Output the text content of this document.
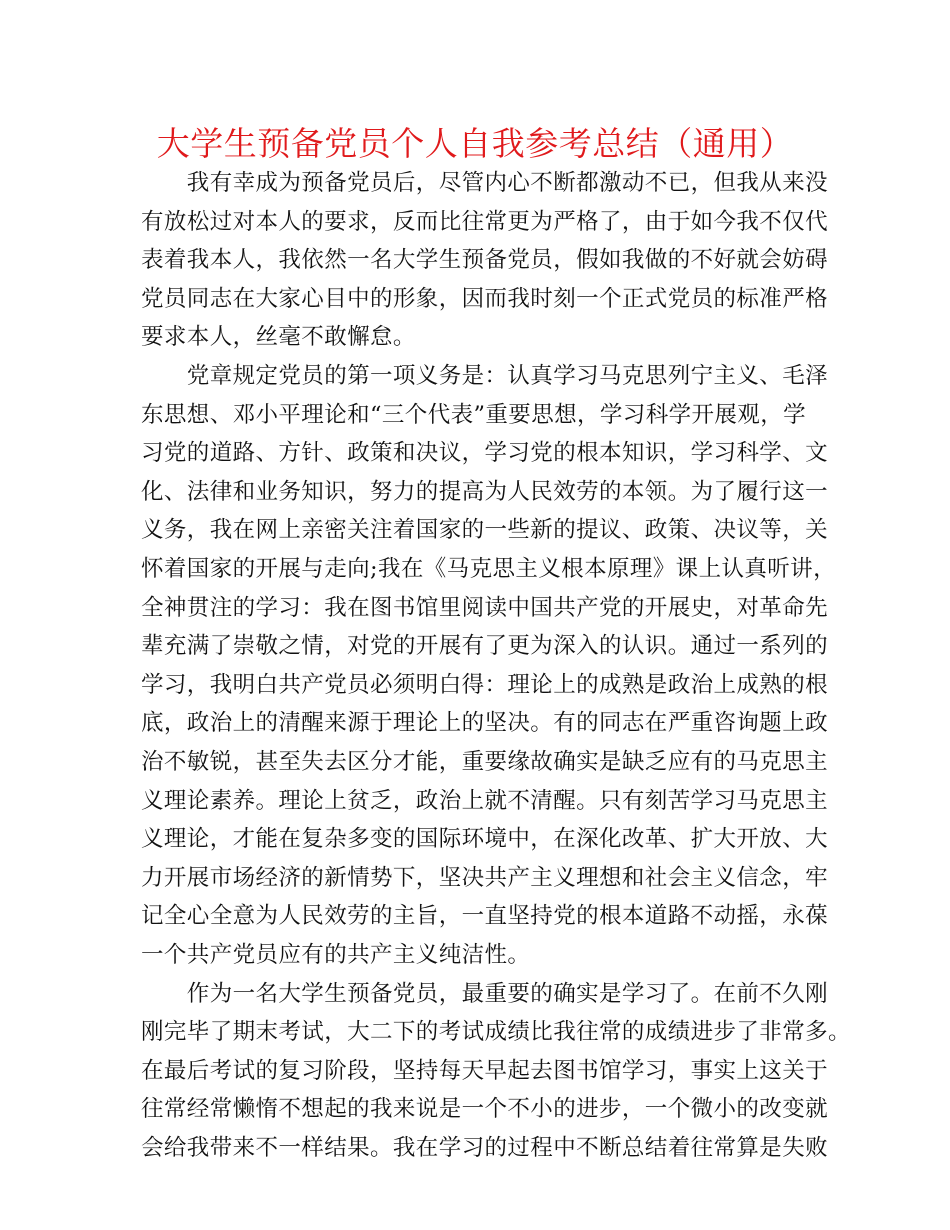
大学生预备党员个人自我参考总结（通用）
　　我有幸成为预备党员后，尽管内心不断都激动不已，但我从来没
有放松过对本人的要求，反而比往常更为严格了，由于如今我不仅代
表着我本人，我依然一名大学生预备党员，假如我做的不好就会妨碍
党员同志在大家心目中的形象，因而我时刻一个正式党员的标准严格
要求本人，丝毫不敢懈怠。
　　党章规定党员的第一项义务是：认真学习马克思列宁主义、毛泽
东思想、邓小平理论和“三个代表”重要思想，学习科学开展观，学
习党的道路、方针、政策和决议，学习党的根本知识，学习科学、文
化、法律和业务知识，努力的提高为人民效劳的本领。为了履行这一
义务，我在网上亲密关注着国家的一些新的提议、政策、决议等，关
怀着国家的开展与走向;我在《马克思主义根本原理》课上认真听讲，
全神贯注的学习：我在图书馆里阅读中国共产党的开展史，对革命先
辈充满了崇敬之情，对党的开展有了更为深入的认识。通过一系列的
学习，我明白共产党员必须明白得：理论上的成熟是政治上成熟的根
底，政治上的清醒来源于理论上的坚决。有的同志在严重咨询题上政
治不敏锐，甚至失去区分才能，重要缘故确实是缺乏应有的马克思主
义理论素养。理论上贫乏，政治上就不清醒。只有刻苦学习马克思主
义理论，才能在复杂多变的国际环境中，在深化改革、扩大开放、大
力开展市场经济的新情势下，坚决共产主义理想和社会主义信念，牢
记全心全意为人民效劳的主旨，一直坚持党的根本道路不动摇，永葆
一个共产党员应有的共产主义纯洁性。
　　作为一名大学生预备党员，最重要的确实是学习了。在前不久刚
刚完毕了期末考试，大二下的考试成绩比我往常的成绩进步了非常多。
在最后考试的复习阶段，坚持每天早起去图书馆学习，事实上这关于
往常经常懒惰不想起的我来说是一个不小的进步，一个微小的改变就
会给我带来不一样结果。我在学习的过程中不断总结着往常算是失败
